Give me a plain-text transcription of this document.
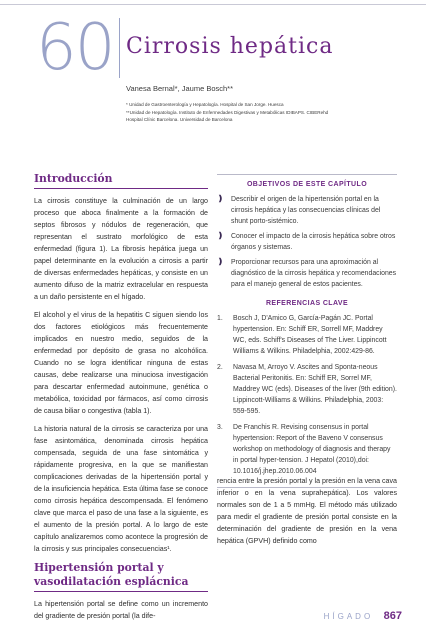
60 Cirrosis hepática
Vanesa Bernal*, Jaume Bosch**
* Unidad de Gastroenterología y Hepatología. Hospital de San Jorge. Huesca
**Unidad de Hepatología. Instituto de Enfermedades Digestivas y Metabólicas IDIBAPS. CIBERehd
Hospital Clínic Barcelona. Universidad de Barcelona
Introducción

La cirrosis constituye la culminación de un largo proceso que aboca finalmente a la formación de septos fibrosos y nódulos de regeneración, que representan el sustrato morfológico de esta enfermedad (figura 1). La fibrosis hepática juega un papel determinante en la evolución a cirrosis a partir de diversas enfermedades hepáticas, y consiste en un aumento difuso de la matriz extracelular en respuesta a un daño persistente en el hígado.

El alcohol y el virus de la hepatitis C siguen siendo los dos factores etiológicos más frecuentemente implicados en nuestro medio, seguidos de la enfermedad por depósito de grasa no alcohólica. Cuando no se logra identificar ninguna de estas causas, debe realizarse una minuciosa investigación para descartar enfermedad autoinmune, genética o metabólica, toxicidad por fármacos, así como cirrosis de causa biliar o congestiva (tabla 1).

La historia natural de la cirrosis se caracteriza por una fase asintomática, denominada cirrosis hepática compensada, seguida de una fase sintomática y rápidamente progresiva, en la que se manifiestan complicaciones derivadas de la hipertensión portal y de la insuficiencia hepática. Esta última fase se conoce como cirrosis hepática descompensada. El fenómeno clave que marca el paso de una fase a la siguiente, es el aumento de la presión portal. A lo largo de este capítulo analizaremos como acontece la progresión de la cirrosis y sus principales consecuencias¹.

Hipertensión portal y vasodilatación esplácnica

La hipertensión portal se define como un incremento del gradiente de presión portal (la dife-

OBJETIVOS DE ESTE CAPÍTULO
❫ Describir el origen de la hipertensión portal en la cirrosis hepática y las consecuencias clínicas del shunt porto-sistémico.
❫ Conocer el impacto de la cirrosis hepática sobre otros órganos y sistemas.
❫ Proporcionar recursos para una aproximación al diagnóstico de la cirrosis hepática y recomendaciones para el manejo general de estos pacientes.
REFERENCIAS CLAVE
1. Bosch J, D'Amico G, García-Pagán JC. Portal hypertension. En: Schiff ER, Sorrell MF, Maddrey WC, eds. Schiff's Diseases of The Liver. Lippincott Williams & Wilkins. Philadelphia, 2002:429-86.
2. Navasa M, Arroyo V. Ascites and Sponta-neous Bacterial Peritonitis. En: Schiff ER, Sorrel MF, Maddrey WC (eds). Diseases of the liver (9th edition). Lippincott-Williams & Wilkins. Philadelphia, 2003: 559-595.
3. De Franchis R. Revising consensus in portal hypertension: Report of the Baveno V consensus workshop on methodology of diagnosis and therapy in portal hyper-tension. J Hepatol (2010),doi: 10.1016/j.jhep.2010.06.004

rencia entre la presión portal y la presión en la vena cava inferior o en la vena suprahepática). Los valores normales son de 1 a 5 mmHg. El método más utilizado para medir el gradiente de presión portal consiste en la determinación del gradiente de presión en la vena hepática (GPVH) definido como

HÍGADO 867
